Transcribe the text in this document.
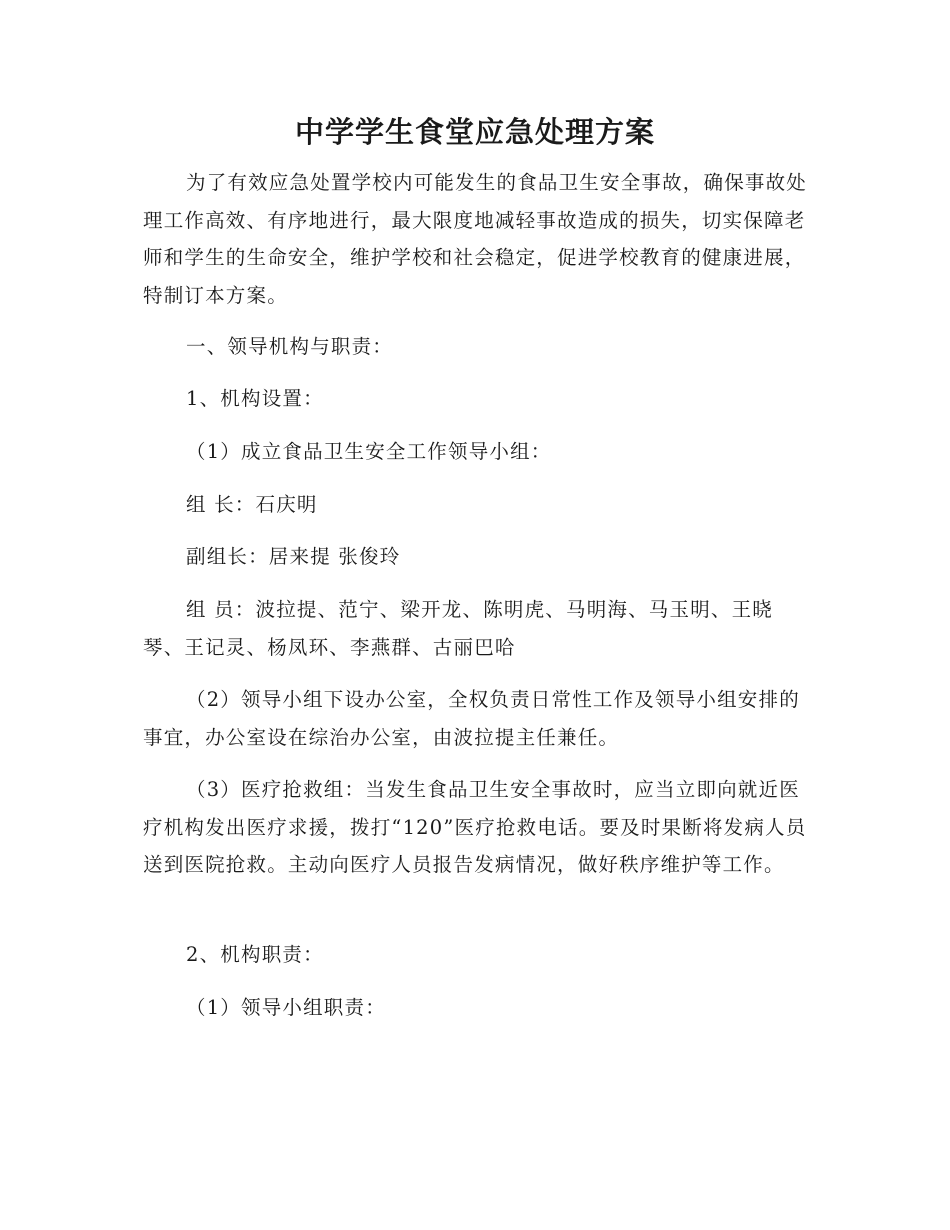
中学学生食堂应急处理方案

为了有效应急处置学校内可能发生的食品卫生安全事故，确保事故处理工作高效、有序地进行，最大限度地减轻事故造成的损失，切实保障老师和学生的生命安全，维护学校和社会稳定，促进学校教育的健康进展，特制订本方案。

一、领导机构与职责：

1、机构设置：

（1）成立食品卫生安全工作领导小组：

组 长：石庆明

副组长：居来提 张俊玲

组 员：波拉提、范宁、梁开龙、陈明虎、马明海、马玉明、王晓琴、王记灵、杨凤环、李燕群、古丽巴哈

（2）领导小组下设办公室，全权负责日常性工作及领导小组安排的事宜，办公室设在综治办公室，由波拉提主任兼任。

（3）医疗抢救组：当发生食品卫生安全事故时，应当立即向就近医疗机构发出医疗求援，拨打“120”医疗抢救电话。要及时果断将发病人员送到医院抢救。主动向医疗人员报告发病情况，做好秩序维护等工作。

2、机构职责：

（1）领导小组职责：
